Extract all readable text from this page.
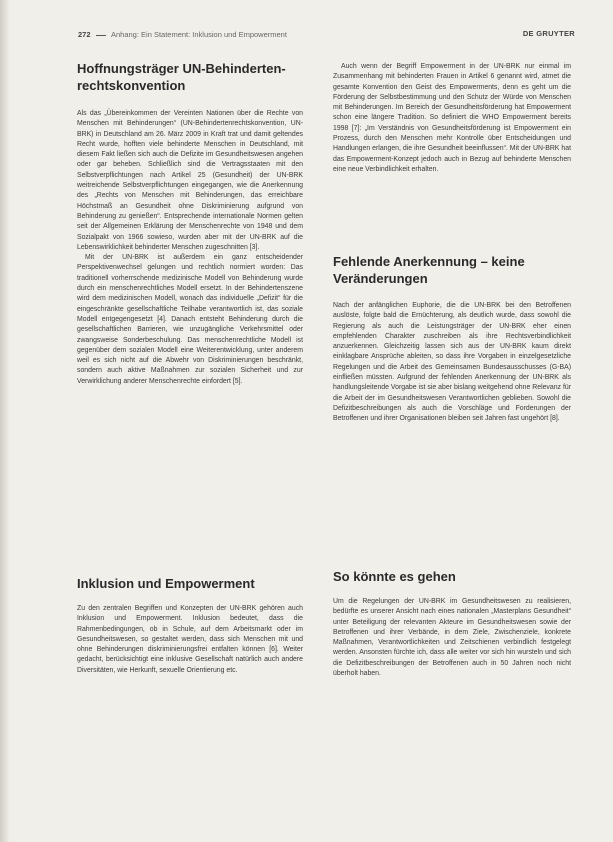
272	Anhang: Ein Statement: Inklusion und Empowerment	DE GRUYTER
Hoffnungsträger UN-Behinderten-rechtskonvention

Als das „Übereinkommen der Vereinten Nationen über die Rechte von Menschen mit Behinderungen“ (UN-Behindertenrechtskonvention, UN-BRK) in Deutschland am 26. März 2009 in Kraft trat und damit geltendes Recht wurde, hofften viele behinderte Menschen in Deutschland, mit diesem Fakt ließen sich auch die Defizite im Gesundheitswesen angehen oder gar beheben. Schließlich sind die Vertragsstaaten mit den Selbstverpflichtungen nach Artikel 25 (Gesundheit) der UN-BRK weitreichende Selbstverpflichtungen eingegangen, wie die Anerkennung des „Rechts von Menschen mit Behinderungen, das erreichbare Höchstmaß an Gesundheit ohne Diskriminierung aufgrund von Behinderung zu genießen“. Entsprechende internationale Normen gelten seit der Allgemeinen Erklärung der Menschenrechte von 1948 und dem Sozialpakt von 1966 sowieso, wurden aber mit der UN-BRK auf die Lebenswirklichkeit behinderter Menschen zugeschnitten [3].

Mit der UN-BRK ist außerdem ein ganz entscheidender Perspektivenwechsel gelungen und rechtlich normiert worden: Das traditionell vorherrschende medizinische Modell von Behinderung wurde durch ein menschenrechtliches Modell ersetzt. In der Behindertenszene wird dem medizinischen Modell, wonach das individuelle „Defizit“ für die eingeschränkte gesellschaftliche Teilhabe verantwortlich ist, das soziale Modell entgegengesetzt [4]. Danach entsteht Behinderung durch die gesellschaftlichen Barrieren, wie unzugängliche Verkehrsmittel oder zwangsweise Sonderbeschulung. Das menschenrechtliche Modell ist gegenüber dem sozialen Modell eine Weiterentwicklung, unter anderem weil es sich nicht auf die Abwehr von Diskriminierungen beschränkt, sondern auch aktive Maßnahmen zur sozialen Sicherheit und zur Verwirklichung anderer Menschenrechte einfordert [5].

Inklusion und Empowerment

Zu den zentralen Begriffen und Konzepten der UN-BRK gehören auch Inklusion und Empowerment. Inklusion bedeutet, dass die Rahmenbedingungen, ob in Schule, auf dem Arbeitsmarkt oder im Gesundheitswesen, so gestaltet werden, dass sich Menschen mit und ohne Behinderungen diskriminierungsfrei entfalten können [6]. Weiter gedacht, berücksichtigt eine inklusive Gesellschaft natürlich auch andere Diversitäten, wie Herkunft, sexuelle Orientierung etc.

Auch wenn der Begriff Empowerment in der UN-BRK nur einmal im Zusammenhang mit behinderten Frauen in Artikel 6 genannt wird, atmet die gesamte Konvention den Geist des Empowerments, denn es geht um die Förderung der Selbstbestimmung und den Schutz der Würde von Menschen mit Behinderungen. Im Bereich der Gesundheitsförderung hat Empowerment schon eine längere Tradition. So definiert die WHO Empowerment bereits 1998 [7]: „Im Verständnis von Gesundheitsförderung ist Empowerment ein Prozess, durch den Menschen mehr Kontrolle über Entscheidungen und Handlungen erlangen, die ihre Gesundheit beeinflussen“. Mit der UN-BRK hat das Empowerment-Konzept jedoch auch in Bezug auf behinderte Menschen eine neue Verbindlichkeit erhalten.

Fehlende Anerkennung – keine Veränderungen

Nach der anfänglichen Euphorie, die die UN-BRK bei den Betroffenen auslöste, folgte bald die Ernüchterung, als deutlich wurde, dass sowohl die Regierung als auch die Leistungsträger der UN-BRK eher einen empfehlenden Charakter zuschreiben als ihre Rechtsverbindlichkeit anzuerkennen. Gleichzeitig lassen sich aus der UN-BRK kaum direkt einklagbare Ansprüche ableiten, so dass ihre Vorgaben in einzelgesetzliche Regelungen und die Arbeit des Gemeinsamen Bundesausschusses (G-BA) einfließen müssten. Aufgrund der fehlenden Anerkennung der UN-BRK als handlungsleitende Vorgabe ist sie aber bislang weitgehend ohne Relevanz für die Arbeit der im Gesundheitswesen Verantwortlichen geblieben. Sowohl die Defizitbeschreibungen als auch die Vorschläge und Forderungen der Betroffenen und ihrer Organisationen bleiben seit Jahren fast ungehört [8].

So könnte es gehen

Um die Regelungen der UN-BRK im Gesundheitswesen zu realisieren, bedürfte es unserer Ansicht nach eines nationalen „Masterplans Gesundheit“ unter Beteiligung der relevanten Akteure im Gesundheitswesen sowie der Betroffenen und ihrer Verbände, in dem Ziele, Zwischenziele, konkrete Maßnahmen, Verantwortlichkeiten und Zeitschienen verbindlich festgelegt werden. Ansonsten fürchte ich, dass alle weiter vor sich hin wursteln und sich die Defizitbeschreibungen der Betroffenen auch in 50 Jahren noch nicht überholt haben.
